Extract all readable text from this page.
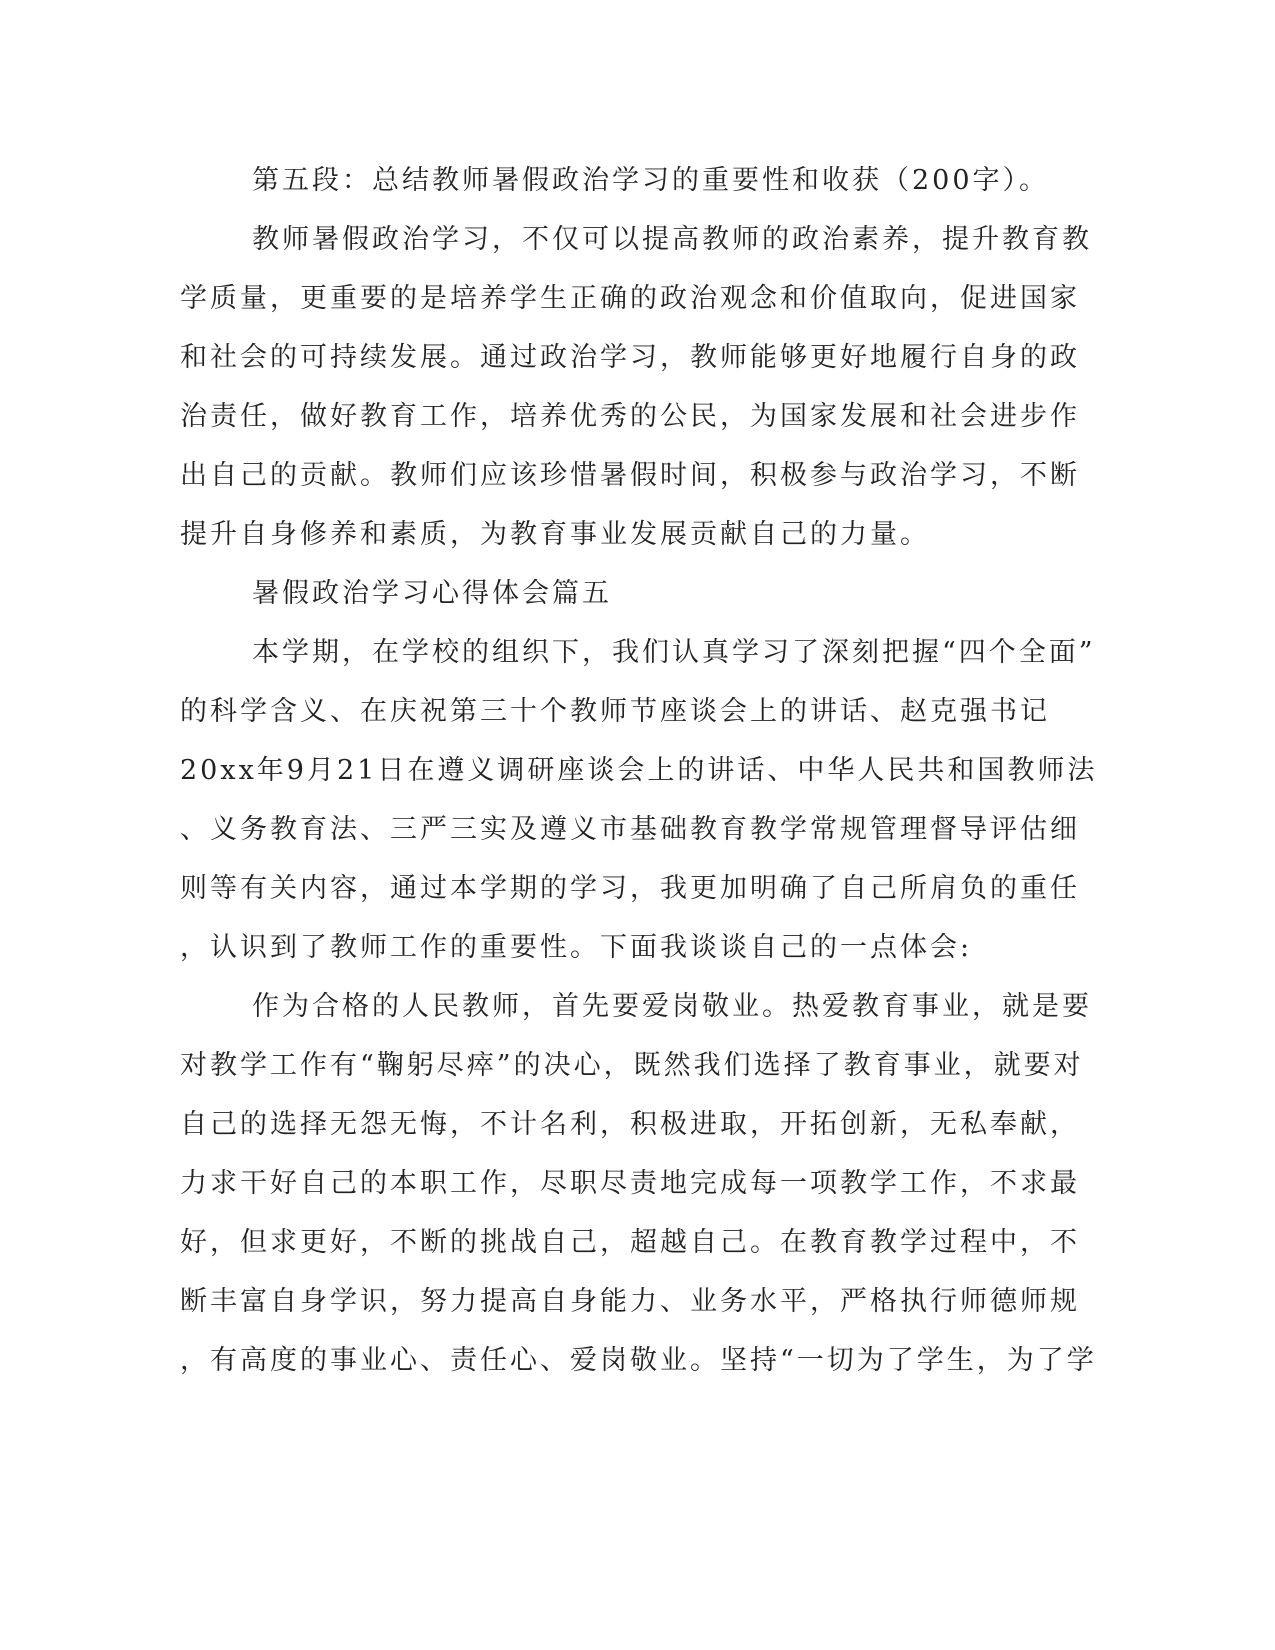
第五段：总结教师暑假政治学习的重要性和收获（200字）。
教师暑假政治学习，不仅可以提高教师的政治素养，提升教育教
学质量，更重要的是培养学生正确的政治观念和价值取向，促进国家
和社会的可持续发展。通过政治学习，教师能够更好地履行自身的政
治责任，做好教育工作，培养优秀的公民，为国家发展和社会进步作
出自己的贡献。教师们应该珍惜暑假时间，积极参与政治学习，不断
提升自身修养和素质，为教育事业发展贡献自己的力量。
暑假政治学习心得体会篇五
本学期，在学校的组织下，我们认真学习了深刻把握“四个全面”
的科学含义、在庆祝第三十个教师节座谈会上的讲话、赵克强书记
20xx年9月21日在遵义调研座谈会上的讲话、中华人民共和国教师法
、义务教育法、三严三实及遵义市基础教育教学常规管理督导评估细
则等有关内容，通过本学期的学习，我更加明确了自己所肩负的重任
，认识到了教师工作的重要性。下面我谈谈自己的一点体会:
作为合格的人民教师，首先要爱岗敬业。热爱教育事业，就是要
对教学工作有“鞠躬尽瘁”的决心，既然我们选择了教育事业，就要对
自己的选择无怨无悔，不计名利，积极进取，开拓创新，无私奉献，
力求干好自己的本职工作，尽职尽责地完成每一项教学工作，不求最
好，但求更好，不断的挑战自己，超越自己。在教育教学过程中，不
断丰富自身学识，努力提高自身能力、业务水平，严格执行师德师规
，有高度的事业心、责任心、爱岗敬业。坚持“一切为了学生，为了学
